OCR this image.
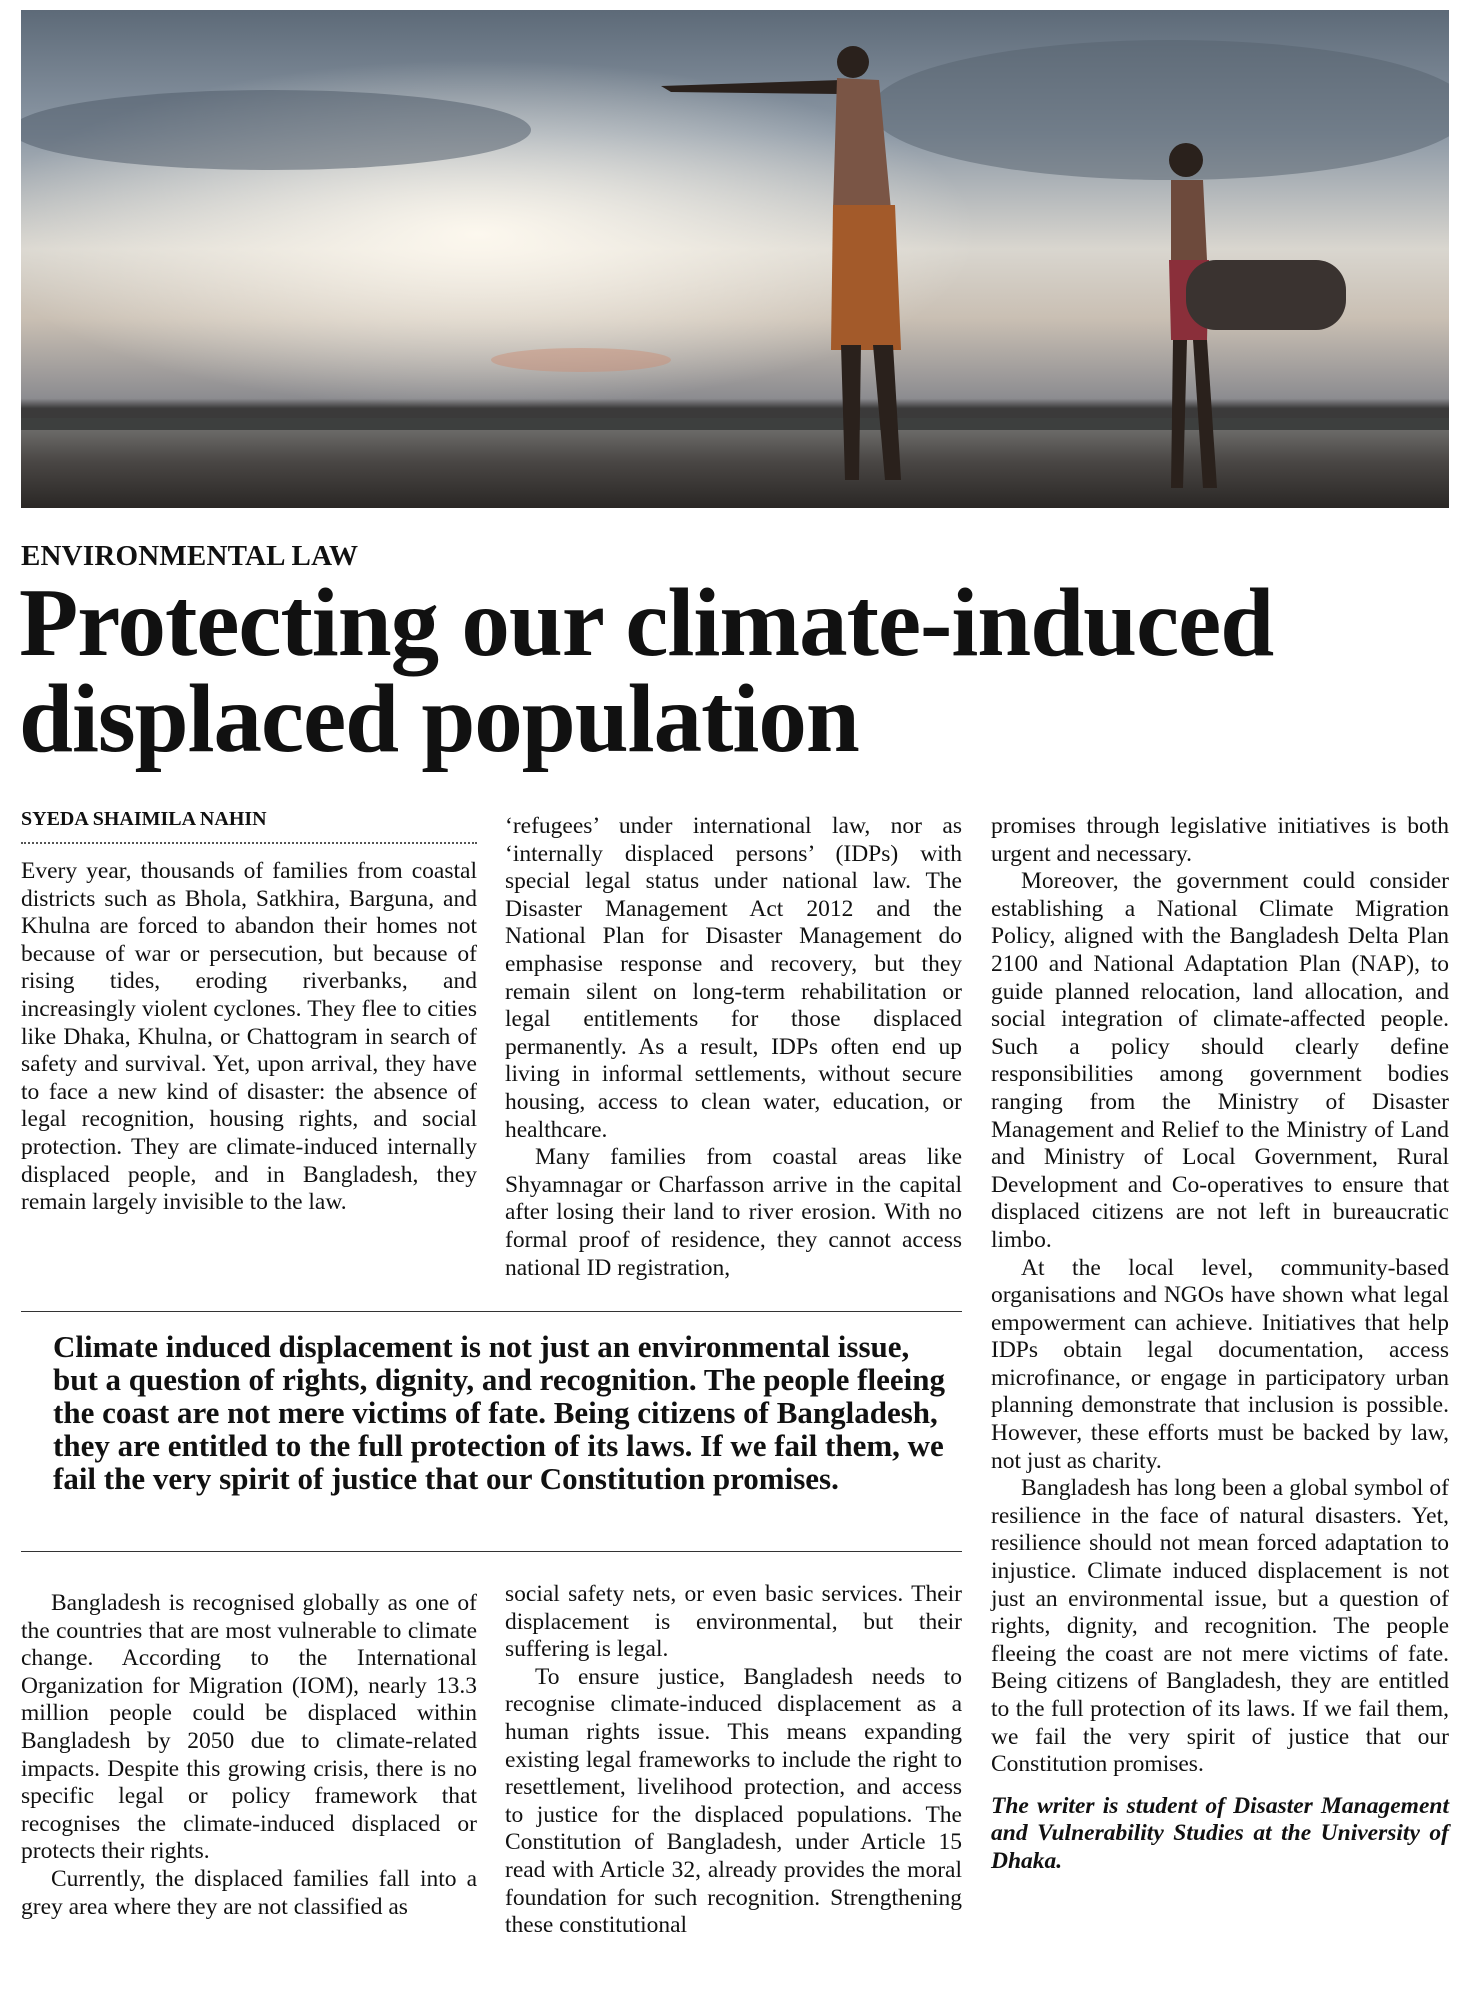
ENVIRONMENTAL LAW
Protecting our climate-induced
displaced population
SYEDA SHAIMILA NAHIN

Every year, thousands of families from coastal districts such as Bhola, Satkhira, Barguna, and Khulna are forced to abandon their homes not because of war or persecution, but because of rising tides, eroding riverbanks, and increasingly violent cyclones. They flee to cities like Dhaka, Khulna, or Chattogram in search of safety and survival. Yet, upon arrival, they have to face a new kind of disaster: the absence of legal recognition, housing rights, and social protection. They are climate-induced internally displaced people, and in Bangladesh, they remain largely invisible to the law.

‘refugees’ under international law, nor as ‘internally displaced persons’ (IDPs) with special legal status under national law. The Disaster Management Act 2012 and the National Plan for Disaster Management do emphasise response and recovery, but they remain silent on long-term rehabilitation or legal entitlements for those displaced permanently. As a result, IDPs often end up living in informal settlements, without secure housing, access to clean water, education, or healthcare.

Many families from coastal areas like Shyamnagar or Charfasson arrive in the capital after losing their land to river erosion. With no formal proof of residence, they cannot access national ID registration,

Climate induced displacement is not just an environmental issue, but a question of rights, dignity, and recognition. The people fleeing the coast are not mere victims of fate. Being citizens of Bangladesh, they are entitled to the full protection of its laws. If we fail them, we fail the very spirit of justice that our Constitution promises.

Bangladesh is recognised globally as one of the countries that are most vulnerable to climate change. According to the International Organization for Migration (IOM), nearly 13.3 million people could be displaced within Bangladesh by 2050 due to climate-related impacts. Despite this growing crisis, there is no specific legal or policy framework that recognises the climate-induced displaced or protects their rights.

Currently, the displaced families fall into a grey area where they are not classified as

social safety nets, or even basic services. Their displacement is environmental, but their suffering is legal.

To ensure justice, Bangladesh needs to recognise climate-induced displacement as a human rights issue. This means expanding existing legal frameworks to include the right to resettlement, livelihood protection, and access to justice for the displaced populations. The Constitution of Bangladesh, under Article 15 read with Article 32, already provides the moral foundation for such recognition. Strengthening these constitutional

promises through legislative initiatives is both urgent and necessary.

Moreover, the government could consider establishing a National Climate Migration Policy, aligned with the Bangladesh Delta Plan 2100 and National Adaptation Plan (NAP), to guide planned relocation, land allocation, and social integration of climate-affected people. Such a policy should clearly define responsibilities among government bodies ranging from the Ministry of Disaster Management and Relief to the Ministry of Land and Ministry of Local Government, Rural Development and Co-operatives to ensure that displaced citizens are not left in bureaucratic limbo.

At the local level, community-based organisations and NGOs have shown what legal empowerment can achieve. Initiatives that help IDPs obtain legal documentation, access microfinance, or engage in participatory urban planning demonstrate that inclusion is possible. However, these efforts must be backed by law, not just as charity.

Bangladesh has long been a global symbol of resilience in the face of natural disasters. Yet, resilience should not mean forced adaptation to injustice. Climate induced displacement is not just an environmental issue, but a question of rights, dignity, and recognition. The people fleeing the coast are not mere victims of fate. Being citizens of Bangladesh, they are entitled to the full protection of its laws. If we fail them, we fail the very spirit of justice that our Constitution promises.

The writer is student of Disaster Management and Vulnerability Studies at the University of Dhaka.
